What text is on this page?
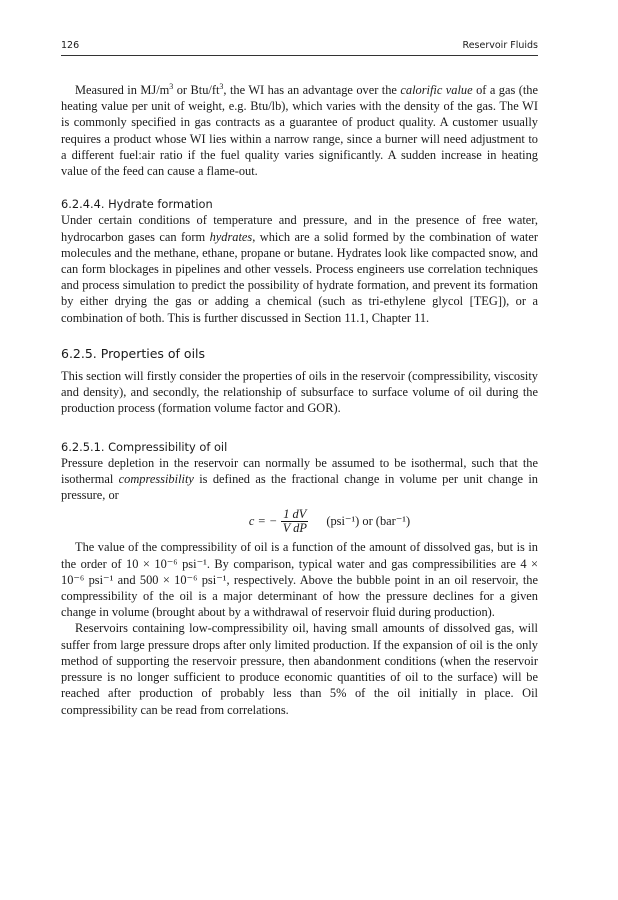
126	Reservoir Fluids

Measured in $MJ/m^3$ or Btu/$ft^3$, the WI has an advantage over the calorific value of a gas (the heating value per unit of weight, e.g. Btu/lb), which varies with the density of the gas. The WI is commonly specified in gas contracts as a guarantee of product quality. A customer usually requires a product whose WI lies within a narrow range, since a burner will need adjustment to a different fuel:air ratio if the fuel quality varies significantly. A sudden increase in heating value of the feed can cause a flame-out.

6.2.4.4. Hydrate formation

Under certain conditions of temperature and pressure, and in the presence of free water, hydrocarbon gases can form hydrates, which are a solid formed by the combination of water molecules and the methane, ethane, propane or butane. Hydrates look like compacted snow, and can form blockages in pipelines and other vessels. Process engineers use correlation techniques and process simulation to predict the possibility of hydrate formation, and prevent its formation by either drying the gas or adding a chemical (such as tri-ethylene glycol [TEG]), or a combination of both. This is further discussed in Section 11.1, Chapter 11.

6.2.5. Properties of oils

This section will firstly consider the properties of oils in the reservoir (compressibility, viscosity and density), and secondly, the relationship of subsurface to surface volume of oil during the production process (formation volume factor and GOR).

6.2.5.1. Compressibility of oil

Pressure depletion in the reservoir can normally be assumed to be isothermal, such that the isothermal compressibility is defined as the fractional change in volume per unit change in pressure, or

c = − $\frac{1 dV}{\text{V dP}} (psi^{-1})$ or (bar⁻¹)

The value of the compressibility of oil is a function of the amount of dissolved gas, but is in the order of 10 × 10⁻⁶ psi⁻¹. By comparison, typical water and gas compressibilities are 4 × 10⁻⁶ psi⁻¹ and 500 × 10⁻⁶ psi⁻¹, respectively. Above the bubble point in an oil reservoir, the compressibility of the oil is a major determinant of how the pressure declines for a given change in volume (brought about by a withdrawal of reservoir fluid during production).

Reservoirs containing low-compressibility oil, having small amounts of dissolved gas, will suffer from large pressure drops after only limited production. If the expansion of oil is the only method of supporting the reservoir pressure, then abandonment conditions (when the reservoir pressure is no longer sufficient to produce economic quantities of oil to the surface) will be reached after production of probably less than 5% of the oil initially in place. Oil compressibility can be read from correlations.
